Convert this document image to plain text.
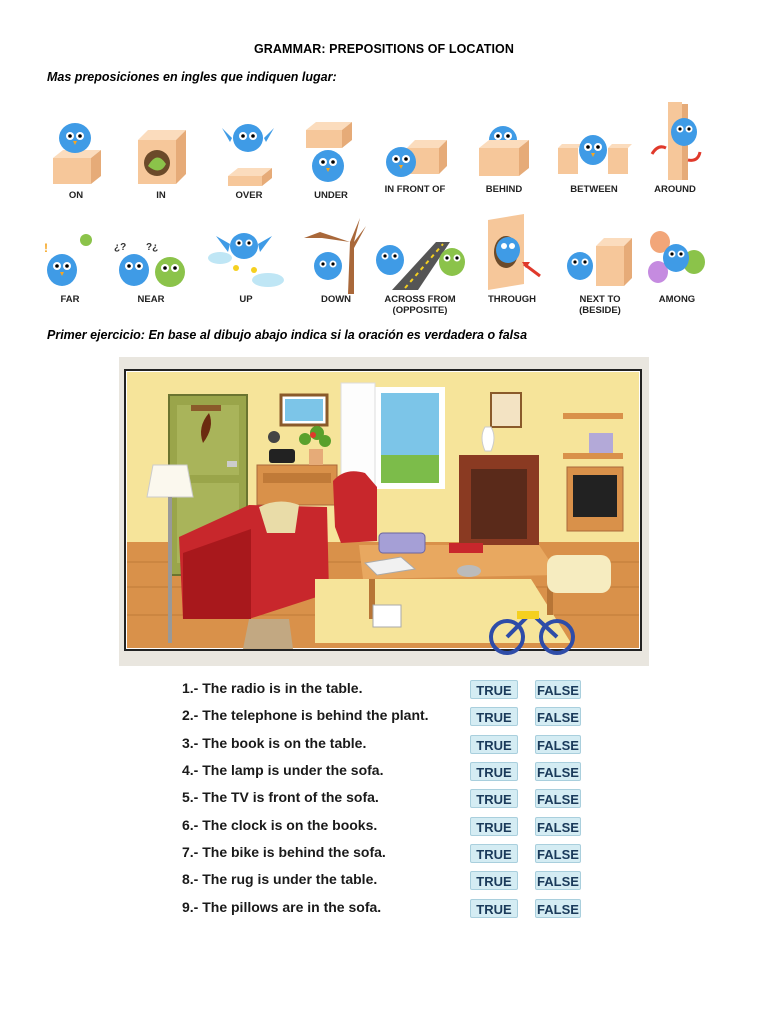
GRAMMAR: PREPOSITIONS OF LOCATION
Mas preposiciones en ingles que indiquen lugar:
ON	IN	OVER	UNDER
IN FRONT OF	BEHIND	BETWEEN	AROUND
!
FAR
¿? ?¿
NEAR	UP	DOWN	ACROSS FROM
(OPPOSITE)
THROUGH	NEXT TO
(BESIDE)
AMONG
Primer ejercicio: En base al dibujo abajo indica si la oración es verdadera o falsa
1.- The radio is in the table.	TRUE	FALSE
2.- The telephone is behind the plant.	TRUE	FALSE
3.- The book is on the table.	TRUE	FALSE
4.- The lamp is under the sofa.	TRUE	FALSE
5.- The TV is front of the sofa.	TRUE	FALSE
6.- The clock is on the books.	TRUE	FALSE
7.- The bike is behind the sofa.	TRUE	FALSE
8.- The rug is under the table.	TRUE	FALSE
9.- The pillows are in the sofa.	TRUE	FALSE
